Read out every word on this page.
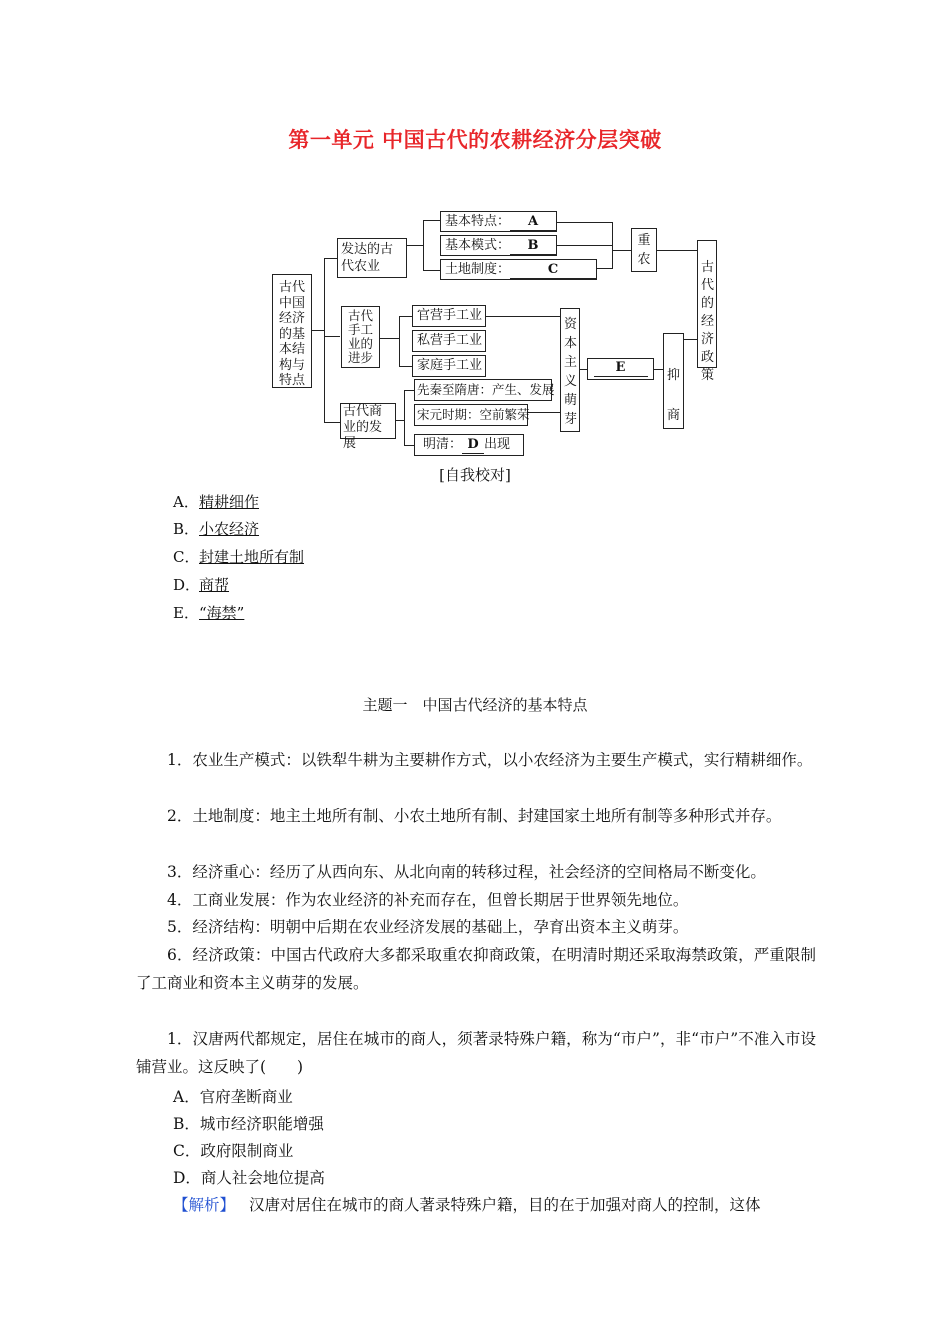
第一单元 中国古代的农耕经济分层突破
古代中国经济的基本结构与特点
发达的古代农业
基本特点： A
基本模式： B
土地制度：	C
重农
古代手工业的进步
官营手工业
私营手工业
家庭手工业
古代商业的发展
先秦至隋唐：产生、发展
宋元时期：空前繁荣
明清： D 出现
资本主义萌芽
E
抑商
古代的经济政策
[自我校对]
A．精耕细作
B．小农经济
C．封建土地所有制
D．商帮
E．“海禁”
主题一　中国古代经济的基本特点

1．农业生产模式：以铁犁牛耕为主要耕作方式，以小农经济为主要生产模式，实行精耕细作。

2．土地制度：地主土地所有制、小农土地所有制、封建国家土地所有制等多种形式并存。

3．经济重心：经历了从西向东、从北向南的转移过程，社会经济的空间格局不断变化。

4．工商业发展：作为农业经济的补充而存在，但曾长期居于世界领先地位。

5．经济结构：明朝中后期在农业经济发展的基础上，孕育出资本主义萌芽。

6．经济政策：中国古代政府大多都采取重农抑商政策，在明清时期还采取海禁政策，严重限制了工商业和资本主义萌芽的发展。

1．汉唐两代都规定，居住在城市的商人，须著录特殊户籍，称为“市户”，非“市户”不准入市设铺营业。这反映了(　　)

A．官府垄断商业
B．城市经济职能增强
C．政府限制商业
D．商人社会地位提高
【解析】 汉唐对居住在城市的商人著录特殊户籍，目的在于加强对商人的控制，这体
